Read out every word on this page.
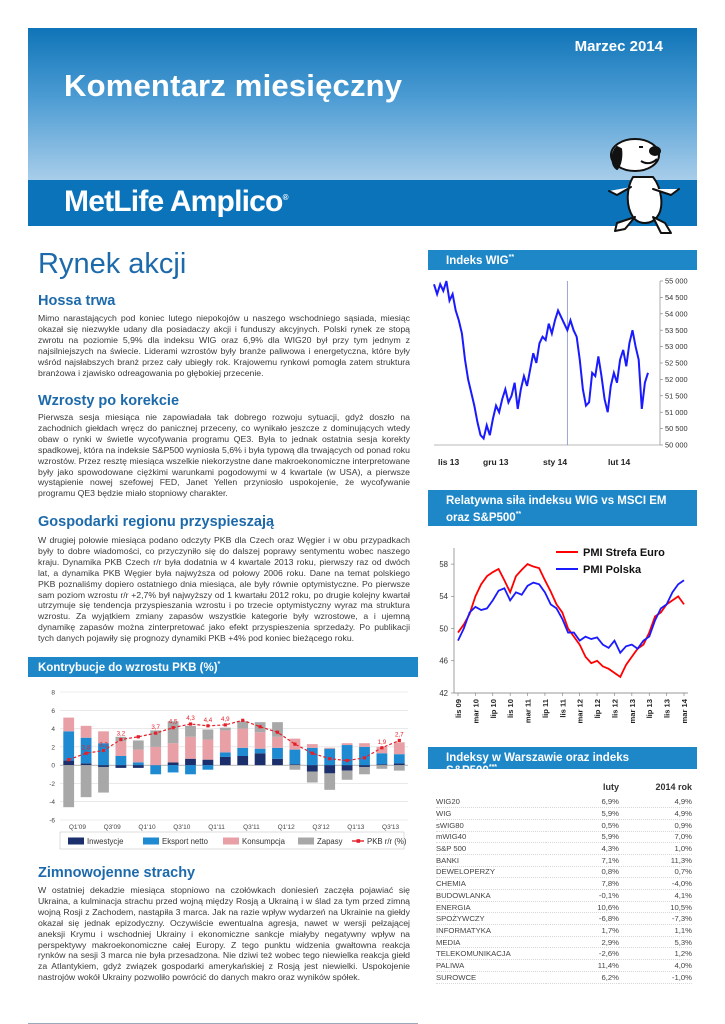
Marzec 2014
Komentarz miesięczny
MetLife Amplico®
Rynek akcji
Hossa trwa

Mimo narastających pod koniec lutego niepokojów u naszego wschodniego sąsiada, miesiąc okazał się niezwykle udany dla posiadaczy akcji i funduszy akcyjnych. Polski rynek ze stopą zwrotu na poziomie 5,9% dla indeksu WIG oraz 6,9% dla WIG20 był przy tym jednym z najsilniejszych na świecie. Liderami wzrostów były branże paliwowa i energetyczna, które były wśród najsłabszych branż przez cały ubiegły rok. Krajowemu rynkowi pomogła zatem struktura branżowa i zjawisko odreagowania po głębokiej przecenie.

Wzrosty po korekcie

Pierwsza sesja miesiąca nie zapowiadała tak dobrego rozwoju sytuacji, gdyż doszło na zachodnich giełdach wręcz do panicznej przeceny, co wynikało jeszcze z dominujących wtedy obaw o rynki w świetle wycofywania programu QE3. Była to jednak ostatnia sesja korekty spadkowej, która na indeksie S&P500 wyniosła 5,6% i była typową dla trwających od ponad roku wzrostów. Przez resztę miesiąca wszelkie niekorzystne dane makroekonomiczne interpretowane były jako spowodowane ciężkimi warunkami pogodowymi w 4 kwartale (w USA), a pierwsze wystąpienie nowej szefowej FED, Janet Yellen przyniosło uspokojenie, że wycofywanie programu QE3 będzie miało stopniowy charakter.

Gospodarki regionu przyspieszają

W drugiej połowie miesiąca podano odczyty PKB dla Czech oraz Węgier i w obu przypadkach były to dobre wiadomości, co przyczyniło się do dalszej poprawy sentymentu wobec naszego kraju. Dynamika PKB Czech r/r była dodatnia w 4 kwartale 2013 roku, pierwszy raz od dwóch lat, a dynamika PKB Węgier była najwyższa od połowy 2006 roku. Dane na temat polskiego PKB poznaliśmy dopiero ostatniego dnia miesiąca, ale były równie optymistyczne. Po pierwsze sam poziom wzrostu r/r +2,7% był najwyższy od 1 kwartału 2012 roku, po drugie kolejny kwartał utrzymuje się tendencja przyspieszania wzrostu i po trzecie optymistyczny wyraz ma struktura wzrostu. Za wyjątkiem zmiany zapasów wszystkie kategorie były wzrostowe, a i ujemną dynamikę zapasów można zinterpretować jako efekt przyspieszenia sprzedaży. Po publikacji tych danych pojawiły się prognozy dynamiki PKB +4% pod koniec bieżącego roku.

Kontrybucje do wzrostu PKB (%)*
-6
-4
-2
0
2
4
6
8
2,8 3,2
3,2
3,7
4,5
4,3 4,4 4,9
1,9
2,7
Q1'09	Q3'09	Q1'10	Q3'10	Q1'11	Q3'11	Q1'12	Q3'12	Q1'13	Q3'13
Inwestycje	Eksport netto	Konsumpcja	Zapasy	PKB r/r (%)
Zimnowojenne strachy

W ostatniej dekadzie miesiąca stopniowo na czołówkach doniesień zaczęła pojawiać się Ukraina, a kulminacja strachu przed wojną między Rosją a Ukrainą i w ślad za tym przed zimną wojną Rosji z Zachodem, nastąpiła 3 marca. Jak na razie wpływ wydarzeń na Ukrainie na giełdy okazał się jednak epizodyczny. Oczywiście ewentualna agresja, nawet w wersji pełzającej aneksji Krymu i wschodniej Ukrainy i ekonomiczne sankcje miałyby negatywny wpływ na perspektywy makroekonomiczne całej Europy. Z tego punktu widzenia gwałtowna reakcja rynków na sesji 3 marca nie była przesadzona. Nie dziwi też wobec tego niewielka reakcja giełd za Atlantykiem, gdyż związek gospodarki amerykańskiej z Rosją jest niewielki. Uspokojenie nastrojów wokół Ukrainy pozwoliło powrócić do danych makro oraz wyników spółek.

Indeks WIG**
50 000
50 500
51 000
51 500
52 000
52 500
53 000
53 500
54 000
54 500
55 000
lis 13	gru 13	sty 14	lut 14
Relatywna siła indeksu WIG vs MSCI EM oraz S&P500**
42
46
50
54
58
lis 09 mar 10 lip 10 lis 10 mar 11 lip 11 lis 11 mar 12 lip 12 lis 12 mar 13 lip 13 lis 13 mar 14
PMI Strefa Euro
PMI Polska
Indeksy w Warszawie oraz indeks S&P500***
	luty	2014 rok
WIG20	6,9%	4,9%
WIG	5,9%	4,9%
sWIG80	0,5%	0,9%
mWIG40	5,9%	7,0%
S&P 500	4,3%	1,0%
BANKI	7,1%	11,3%
DEWELOPERZY	0,8%	0,7%
CHEMIA	7,8%	-4,0%
BUDOWLANKA	-0,1%	4,1%
ENERGIA	10,6%	10,5%
SPOŻYWCZY	-6,8%	-7,3%
INFORMATYKA	1,7%	1,1%
MEDIA	2,9%	5,3%
TELEKOMUNIKACJA	-2,6%	1,2%
PALIWA	11,4%	4,0%
SUROWCE	6,2%	-1,0%
